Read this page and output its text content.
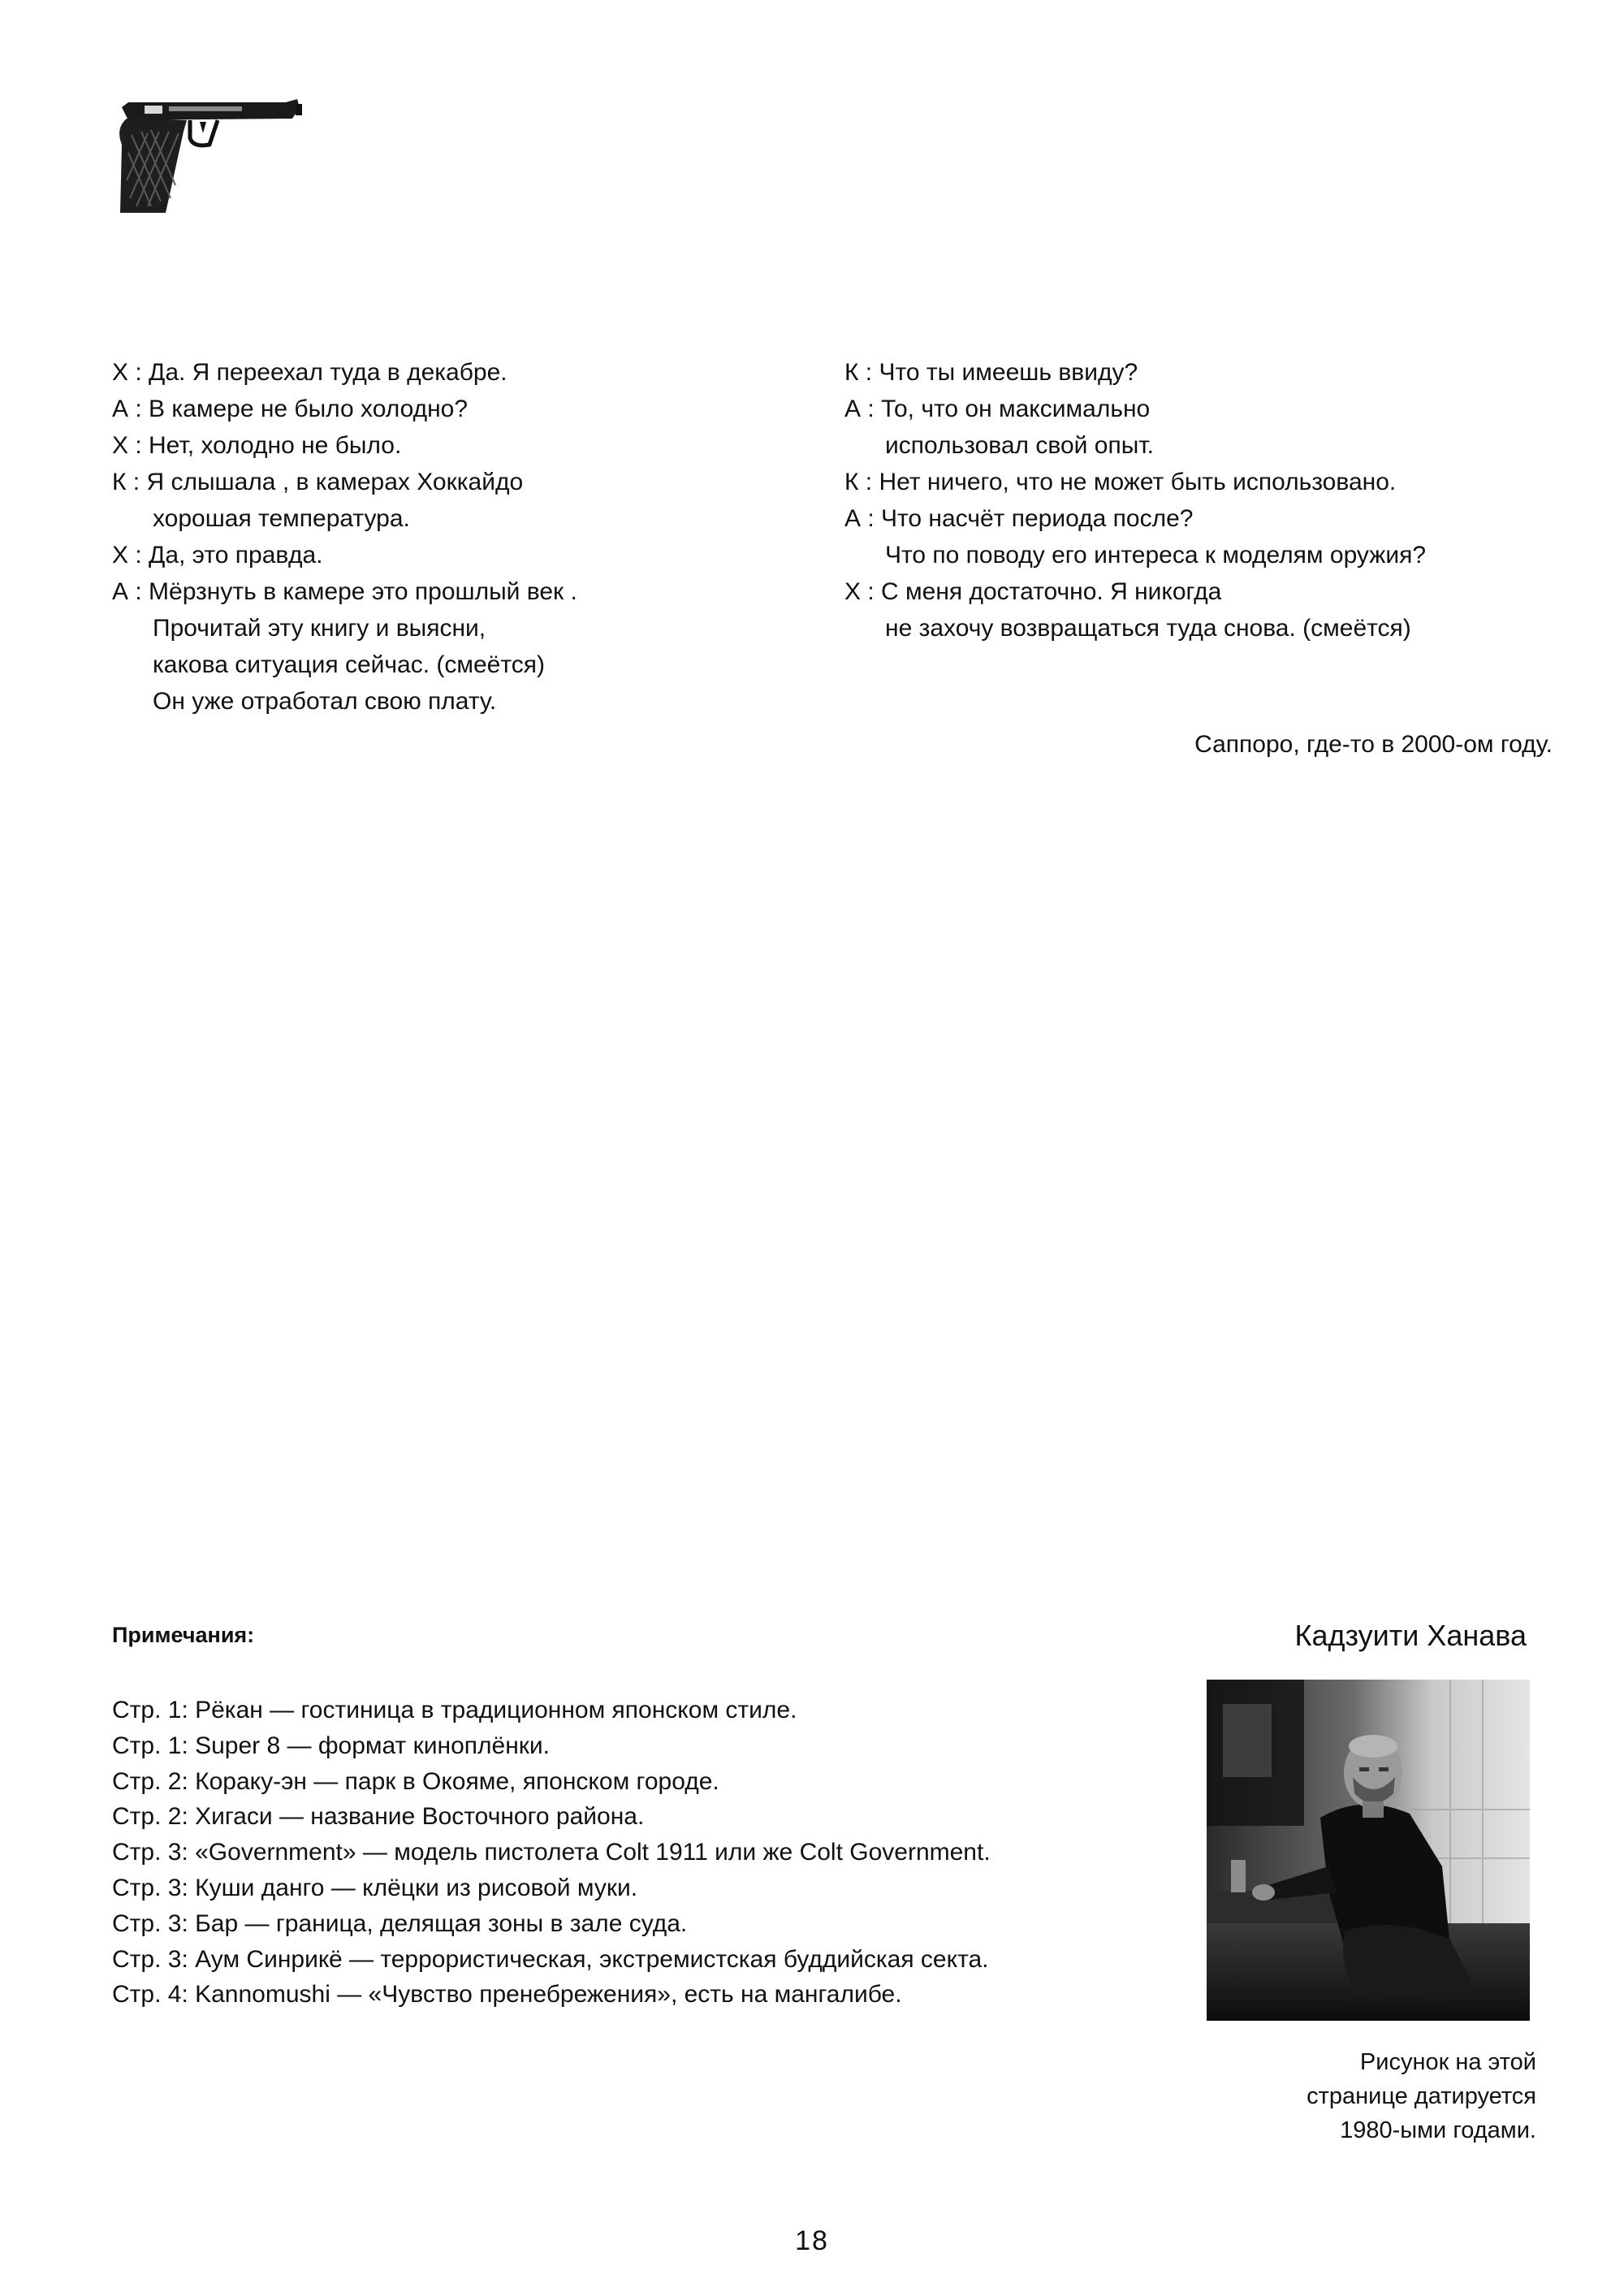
Х : Да. Я переехал туда в декабре.
А : В камере не было холодно?
Х : Нет, холодно не было.
К : Я слышала , в камерах Хоккайдо
хорошая температура.
Х : Да, это правда.
А : Мёрзнуть в камере это прошлый век .
Прочитай эту книгу и выясни,
какова ситуация сейчас. (смеётся)
Он уже отработал свою плату.
К : Что ты имеешь ввиду?
А : То, что он максимально
использовал свой опыт.
К : Нет ничего, что не может быть использовано.
А : Что насчёт периода после?
Что по поводу его интереса к моделям оружия?
Х : С меня достаточно. Я никогда
не захочу возвращаться туда снова. (смеётся)
Саппоро, где-то в 2000-ом году.
Примечания:
Стр. 1: Рёкан — гостиница в традиционном японском стиле.
Стр. 1: Super 8 — формат киноплёнки.
Стр. 2: Кораку-эн — парк в Окояме, японском городе.
Стр. 2: Хигаси — название Восточного района.
Стр. 3: «Government» — модель пистолета Colt 1911 или же Colt Government.
Стр. 3: Куши данго — клёцки из рисовой муки.
Стр. 3: Бар — граница, делящая зоны в зале суда.
Стр. 3: Аум Синрикё — террористическая, экстремистская буддийская секта.
Стр. 4: Kannomushi — «Чувство пренебрежения», есть на мангалибе.
Кадзуити Ханава
Рисунок на этой
странице датируется
1980-ыми годами.
18
